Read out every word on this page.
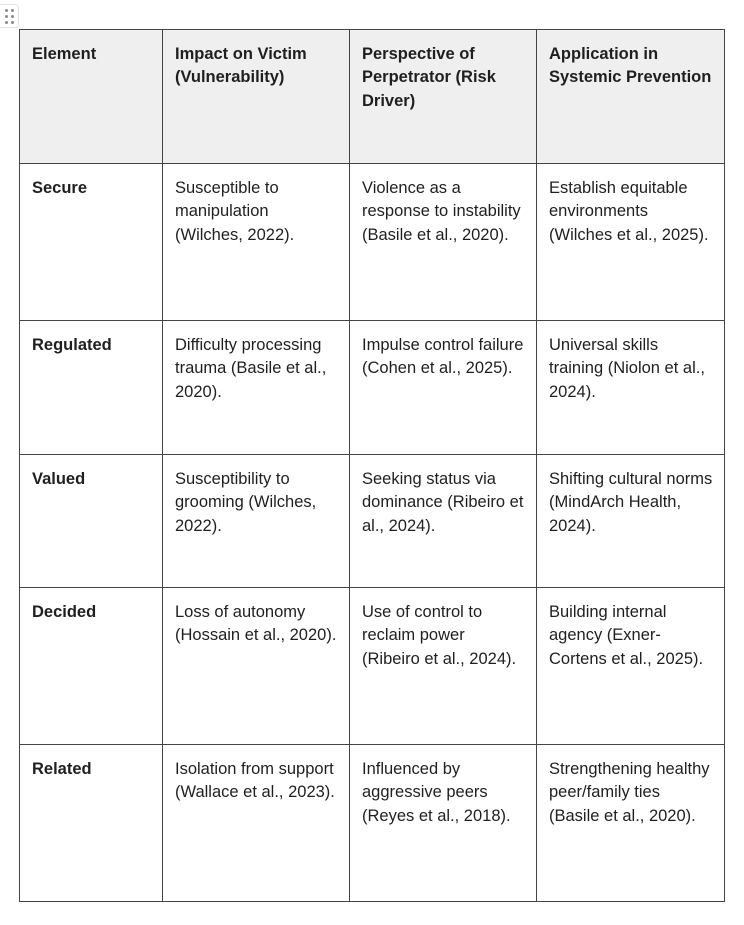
Element	Impact on Victim (Vulnerability)	Perspective of Perpetrator (Risk Driver)	Application in Systemic Prevention
Secure	Susceptible to manipulation (Wilches, 2022).	Violence as a response to instability (Basile et al., 2020).	Establish equitable environments (Wilches et al., 2025).
Regulated	Difficulty processing trauma (Basile et al., 2020).	Impulse control failure (Cohen et al., 2025).	Universal skills training (Niolon et al., 2024).
Valued	Susceptibility to grooming (Wilches, 2022).	Seeking status via dominance (Ribeiro et al., 2024).	Shifting cultural norms (MindArch Health, 2024).
Decided	Loss of autonomy (Hossain et al., 2020).	Use of control to reclaim power (Ribeiro et al., 2024).	Building internal agency (Exner-Cortens et al., 2025).
Related	Isolation from support (Wallace et al., 2023).	Influenced by aggressive peers (Reyes et al., 2018).	Strengthening healthy peer/family ties (Basile et al., 2020).
